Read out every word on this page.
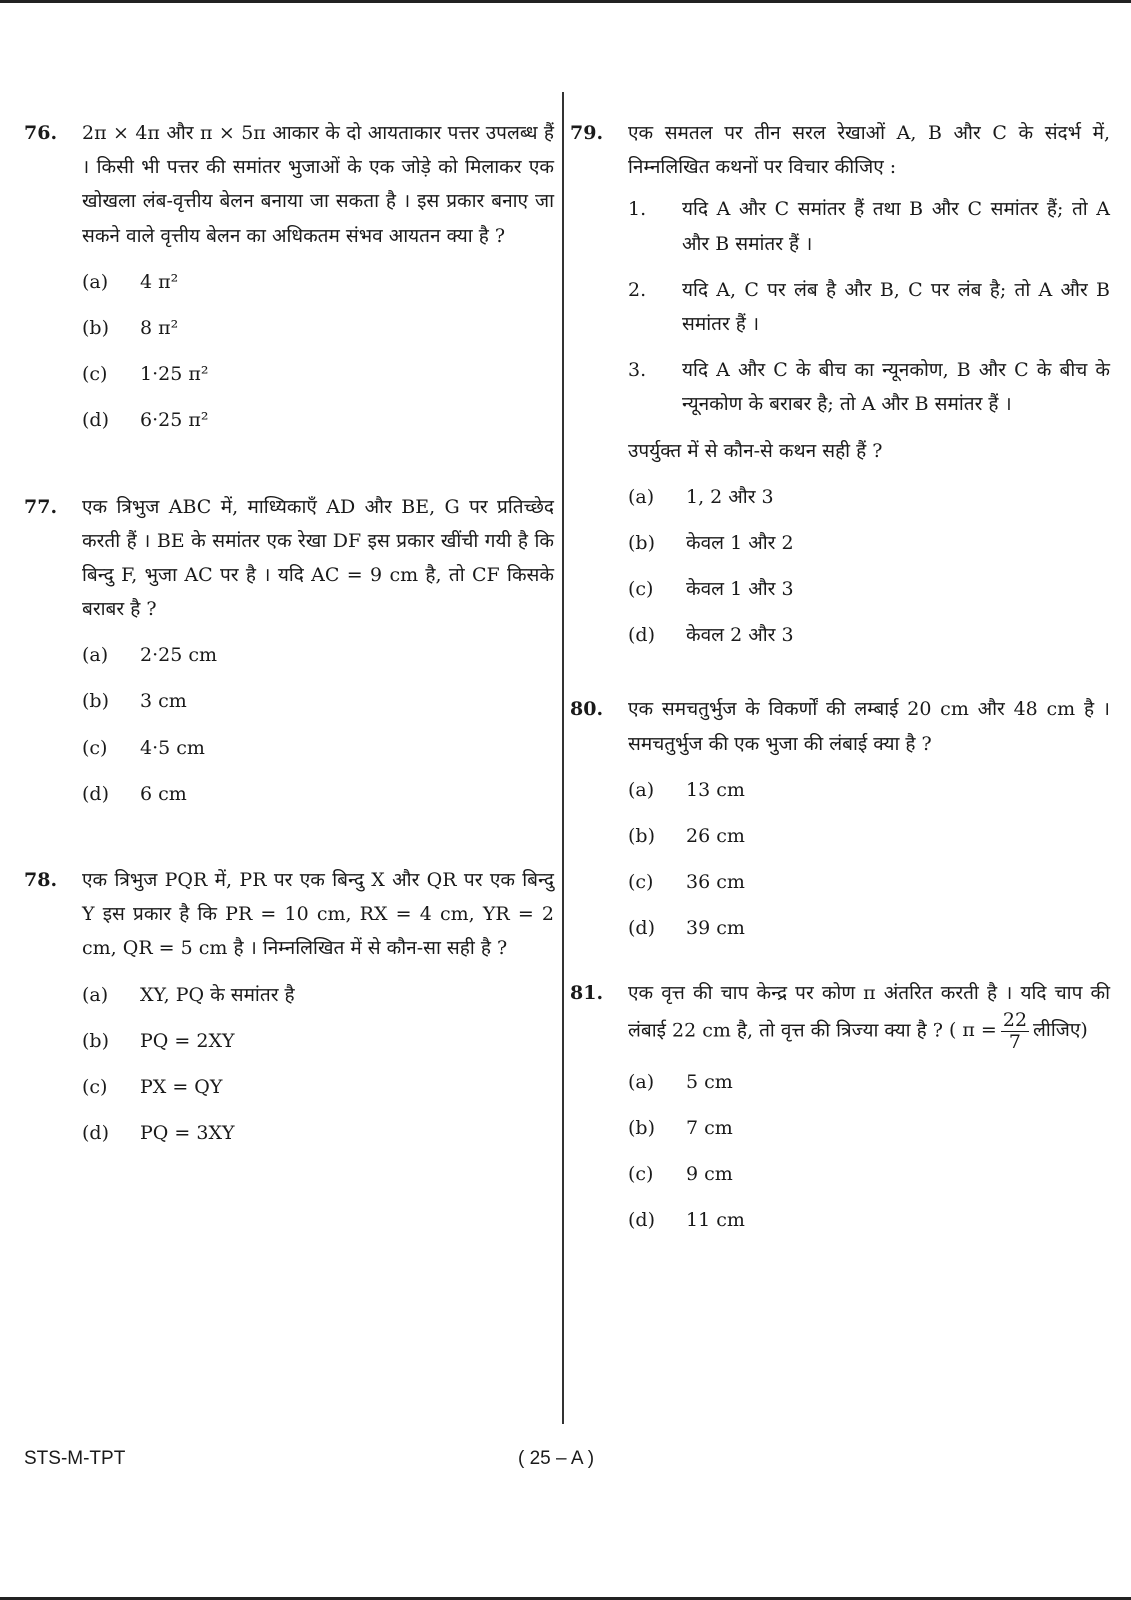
76. 2π × 4π और π × 5π आकार के दो आयताकार पत्तर उपलब्ध हैं । किसी भी पत्तर की समांतर भुजाओं के एक जोड़े को मिलाकर एक खोखला लंब-वृत्तीय बेलन बनाया जा सकता है । इस प्रकार बनाए जा सकने वाले वृत्तीय बेलन का अधिकतम संभव आयतन क्या है ?

(a)	4 π²
(b)	8 π²
(c)	1·25 π²
(d)	6·25 π²
77. एक त्रिभुज ABC में, माध्यिकाएँ AD और BE, G पर प्रतिच्छेद करती हैं । BE के समांतर एक रेखा DF इस प्रकार खींची गयी है कि बिन्दु F, भुजा AC पर है । यदि AC = 9 cm है, तो CF किसके बराबर है ?

(a)	2·25 cm
(b)	3 cm
(c)	4·5 cm
(d)	6 cm
78. एक त्रिभुज PQR में, PR पर एक बिन्दु X और QR पर एक बिन्दु Y इस प्रकार है कि PR = 10 cm, RX = 4 cm, YR = 2 cm, QR = 5 cm है । निम्नलिखित में से कौन-सा सही है ?

(a)	XY, PQ के समांतर है
(b)	PQ = 2XY
(c)	PX = QY
(d)	PQ = 3XY
79. एक समतल पर तीन सरल रेखाओं A, B और C के संदर्भ में, निम्नलिखित कथनों पर विचार कीजिए :

1.	यदि A और C समांतर हैं तथा B और C समांतर हैं; तो A और B समांतर हैं ।
2.	यदि A, C पर लंब है और B, C पर लंब है; तो A और B समांतर हैं ।
3.	यदि A और C के बीच का न्यूनकोण, B और C के बीच के न्यूनकोण के बराबर है; तो A और B समांतर हैं ।

उपर्युक्त में से कौन-से कथन सही हैं ?

(a)	1, 2 और 3
(b)	केवल 1 और 2
(c)	केवल 1 और 3
(d)	केवल 2 और 3
80. एक समचतुर्भुज के विकर्णों की लम्बाई 20 cm और 48 cm है । समचतुर्भुज की एक भुजा की लंबाई क्या है ?

(a)	13 cm
(b)	26 cm
(c)	36 cm
(d)	39 cm
81. एक वृत्त की चाप केन्द्र पर कोण π अंतरित करती है । यदि चाप की लंबाई 22 cm है, तो वृत्त की त्रिज्या क्या है ? ( $\pi = \frac{22}{7}$ लीजिए)

(a)	5 cm
(b)	7 cm
(c)	9 cm
(d)	11 cm
STS-M-TPT	( 25 – A )
